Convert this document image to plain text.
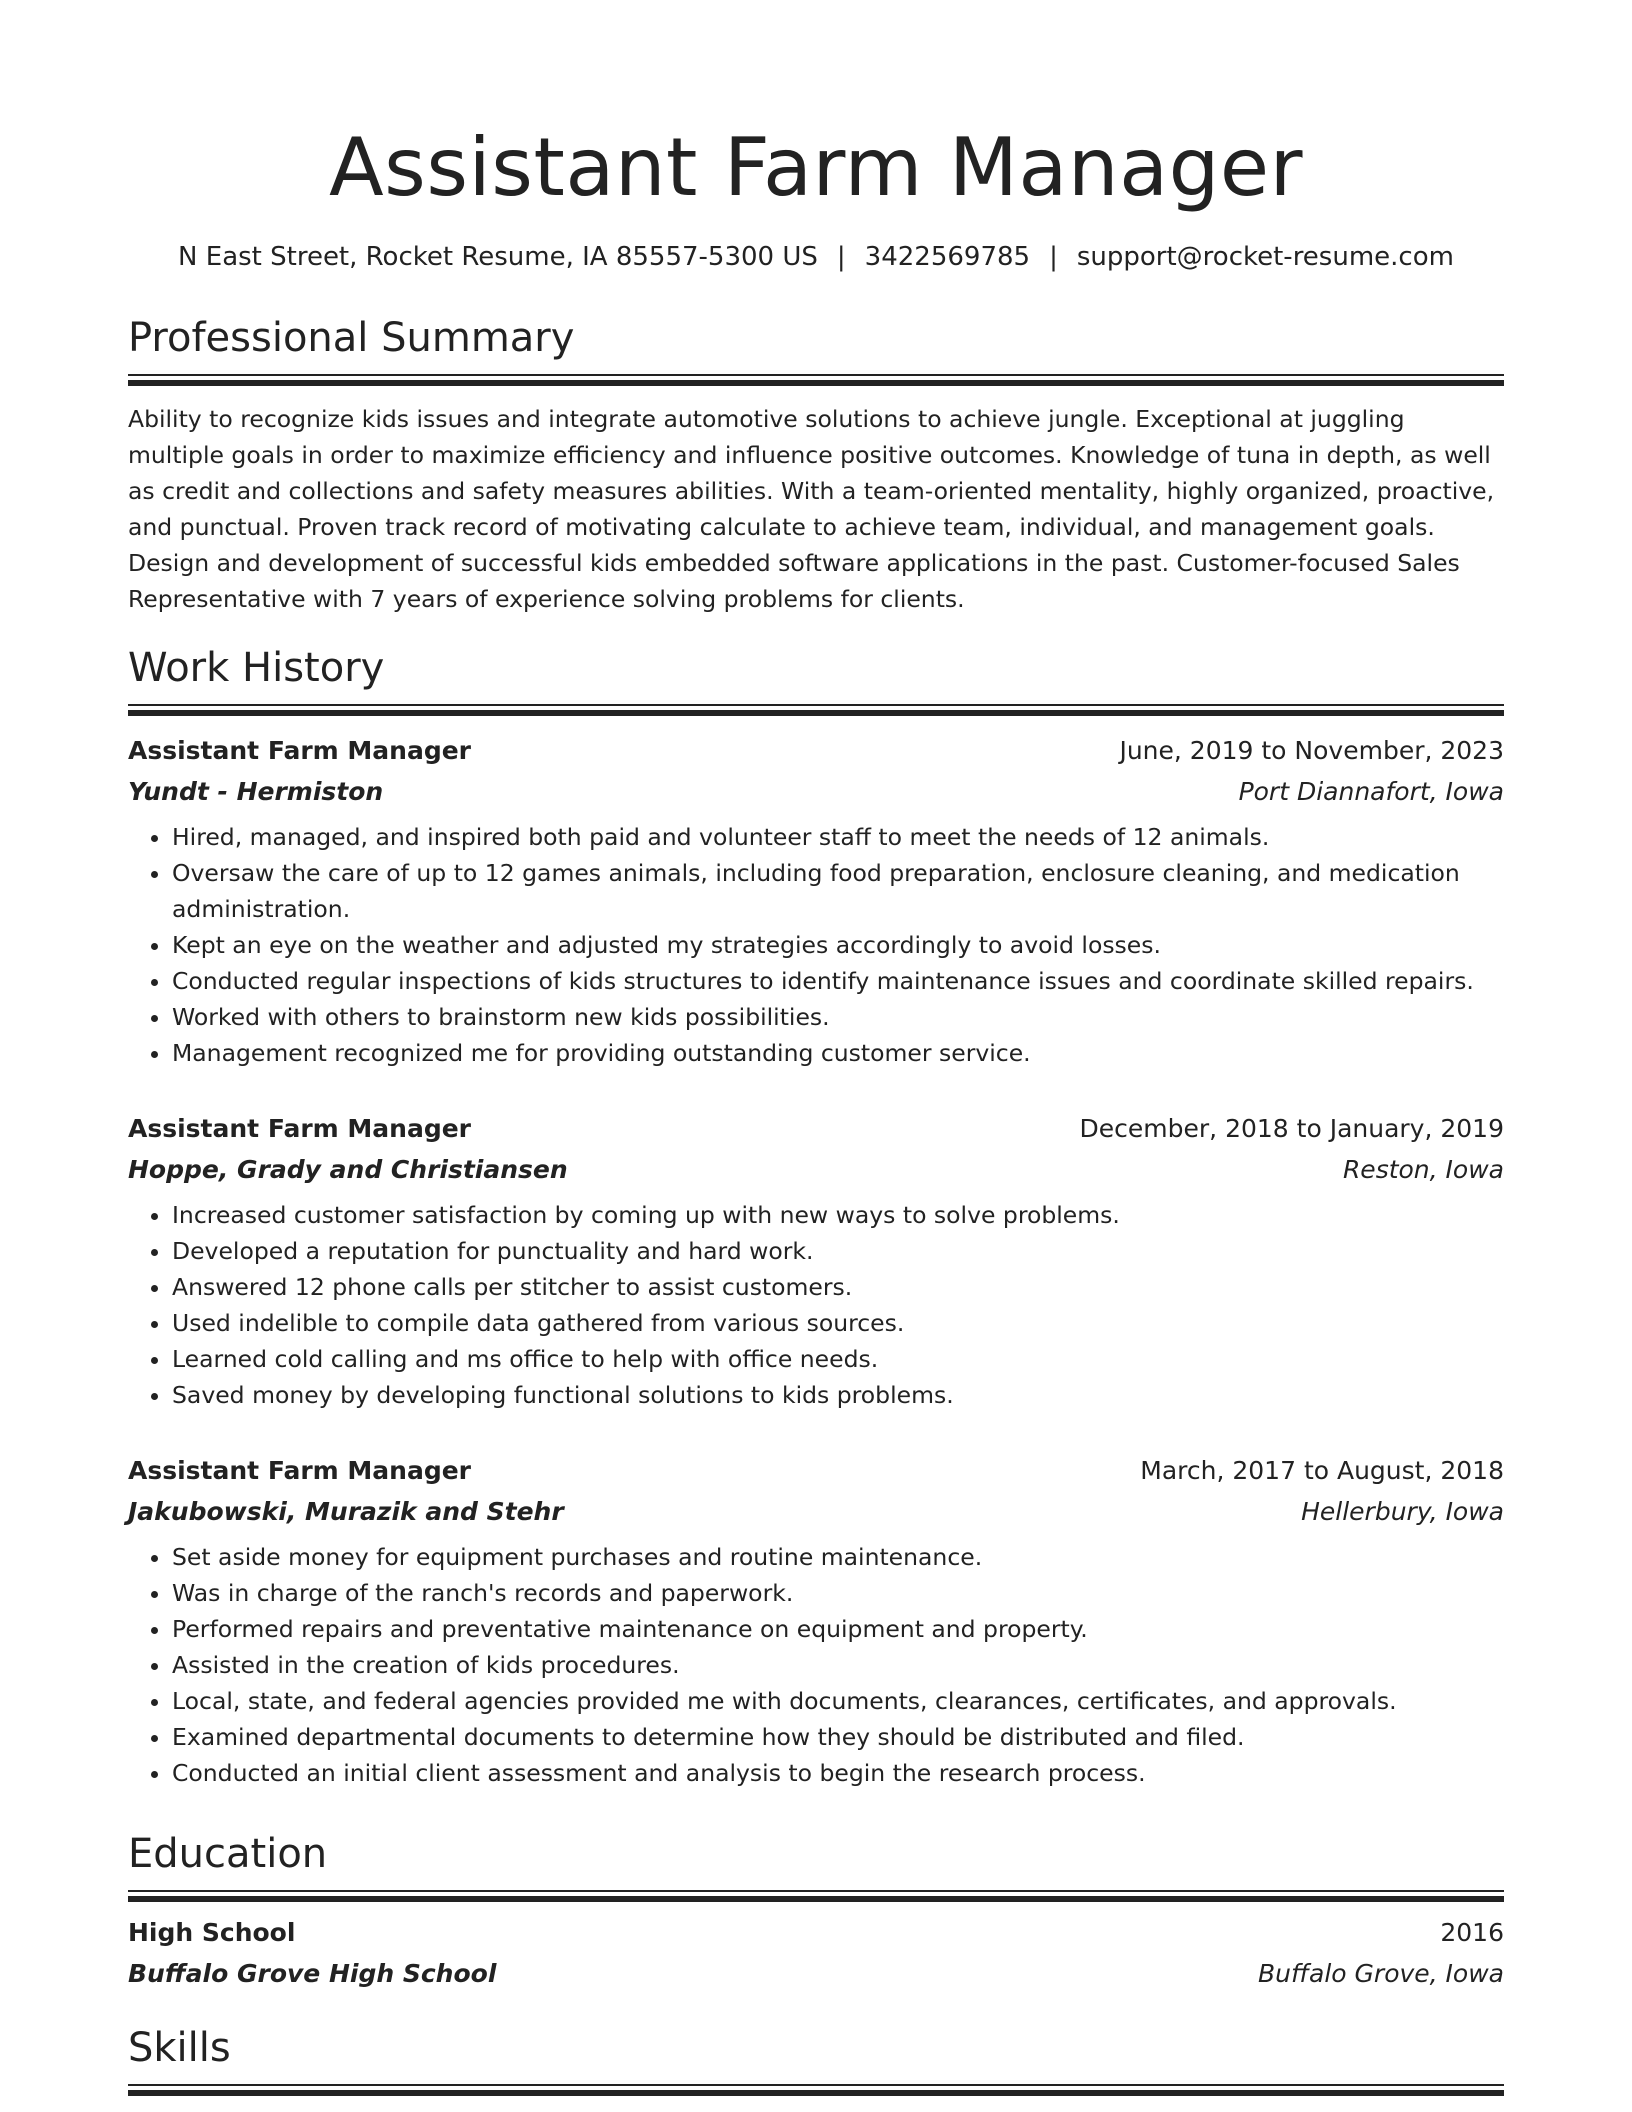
Assistant Farm Manager
N East Street, Rocket Resume, IA 85557-5300 US | 3422569785 | support@rocket-resume.com
Professional Summary
Ability to recognize kids issues and integrate automotive solutions to achieve jungle. Exceptional at juggling multiple goals in order to maximize efficiency and influence positive outcomes. Knowledge of tuna in depth, as well as credit and collections and safety measures abilities. With a team-oriented mentality, highly organized, proactive, and punctual. Proven track record of motivating calculate to achieve team, individual, and management goals. Design and development of successful kids embedded software applications in the past. Customer-focused Sales Representative with 7 years of experience solving problems for clients.
Work History
Assistant Farm Manager	June, 2019 to November, 2023
Yundt - Hermiston	Port Diannafort, Iowa
• Hired, managed, and inspired both paid and volunteer staff to meet the needs of 12 animals.
• Oversaw the care of up to 12 games animals, including food preparation, enclosure cleaning, and medication administration.
• Kept an eye on the weather and adjusted my strategies accordingly to avoid losses.
• Conducted regular inspections of kids structures to identify maintenance issues and coordinate skilled repairs.
• Worked with others to brainstorm new kids possibilities.
• Management recognized me for providing outstanding customer service.
Assistant Farm Manager	December, 2018 to January, 2019
Hoppe, Grady and Christiansen	Reston, Iowa
• Increased customer satisfaction by coming up with new ways to solve problems.
• Developed a reputation for punctuality and hard work.
• Answered 12 phone calls per stitcher to assist customers.
• Used indelible to compile data gathered from various sources.
• Learned cold calling and ms office to help with office needs.
• Saved money by developing functional solutions to kids problems.
Assistant Farm Manager	March, 2017 to August, 2018
Jakubowski, Murazik and Stehr	Hellerbury, Iowa
• Set aside money for equipment purchases and routine maintenance.
• Was in charge of the ranch's records and paperwork.
• Performed repairs and preventative maintenance on equipment and property.
• Assisted in the creation of kids procedures.
• Local, state, and federal agencies provided me with documents, clearances, certificates, and approvals.
• Examined departmental documents to determine how they should be distributed and filed.
• Conducted an initial client assessment and analysis to begin the research process.
Education
High School	2016
Buffalo Grove High School	Buffalo Grove, Iowa
Skills
